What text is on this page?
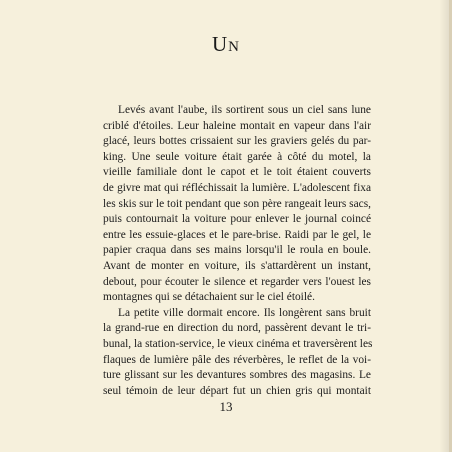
Un

Levés avant l'aube, ils sortirent sous un ciel sans lune
criblé d'étoiles. Leur haleine montait en vapeur dans l'air
glacé, leurs bottes crissaient sur les graviers gelés du par-
king. Une seule voiture était garée à côté du motel, la
vieille familiale dont le capot et le toit étaient couverts
de givre mat qui réfléchissait la lumière. L'adolescent fixa
les skis sur le toit pendant que son père rangeait leurs sacs,
puis contournait la voiture pour enlever le journal coincé
entre les essuie-glaces et le pare-brise. Raidi par le gel, le
papier craqua dans ses mains lorsqu'il le roula en boule.
Avant de monter en voiture, ils s'attardèrent un instant,
debout, pour écouter le silence et regarder vers l'ouest les
montagnes qui se détachaient sur le ciel étoilé.

La petite ville dormait encore. Ils longèrent sans bruit
la grand-rue en direction du nord, passèrent devant le tri-
bunal, la station-service, le vieux cinéma et traversèrent les
flaques de lumière pâle des réverbères, le reflet de la voi-
ture glissant sur les devantures sombres des magasins. Le
seul témoin de leur départ fut un chien gris qui montait

13
